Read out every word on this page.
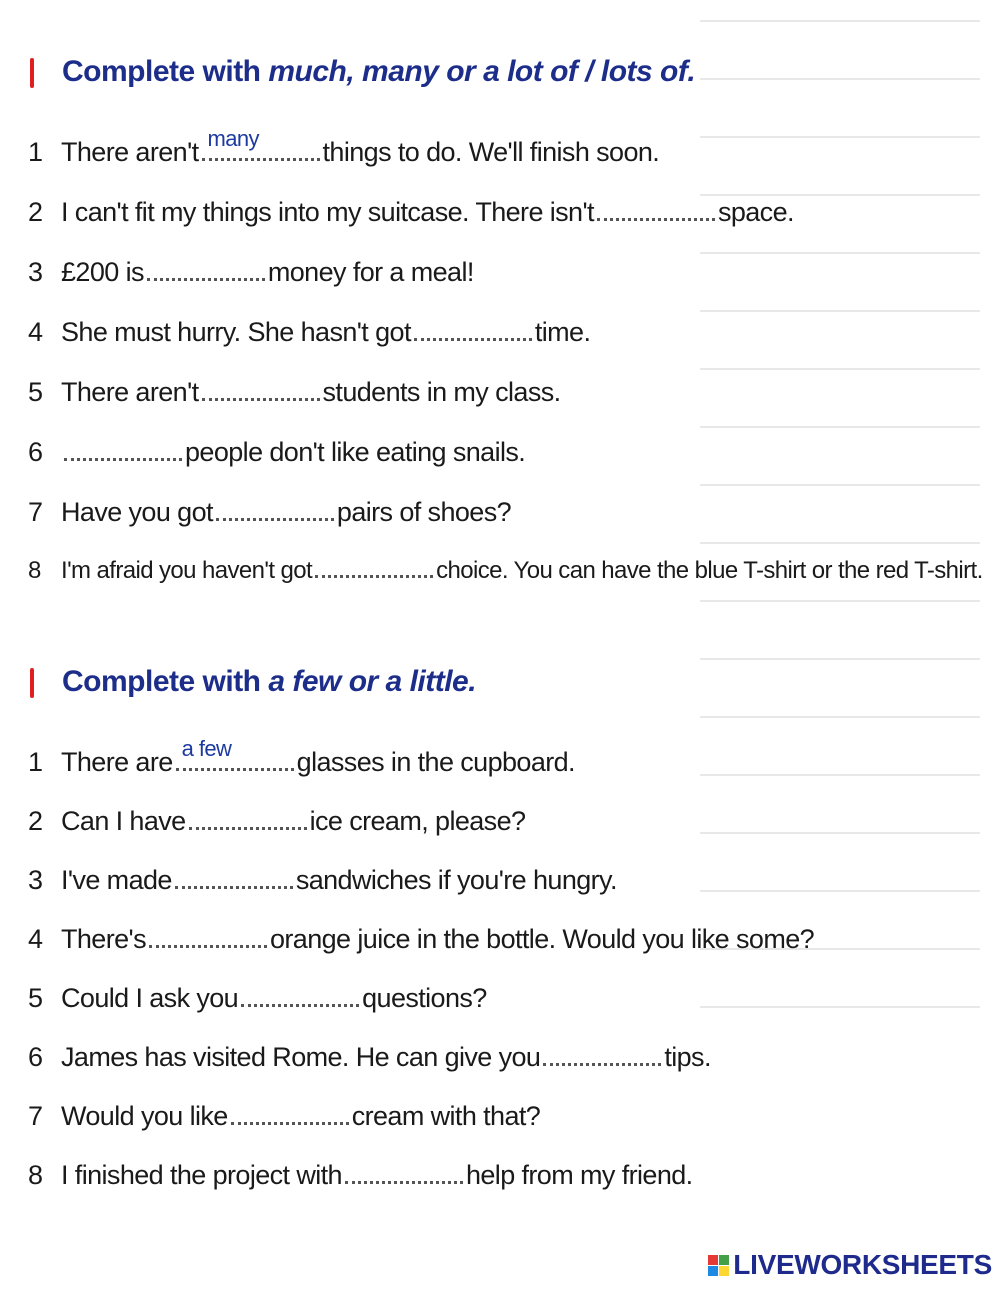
Complete with much, many or a lot of / lots of.
1 There aren't many things to do. We'll finish soon.
2 I can't fit my things into my suitcase. There isn't	space.
3 £200 is	money for a meal!
4 She must hurry. She hasn't got	time.
5 There aren't	students in my class.
6	people don't like eating snails.
7 Have you got	pairs of shoes?
8 I'm afraid you haven't got	choice. You can have the blue T-shirt or the red T-shirt.
Complete with a few or a little.
1 There are a few glasses in the cupboard.
2 Can I have	ice cream, please?
3 I've made	sandwiches if you're hungry.
4 There's	orange juice in the bottle. Would you like some?
5 Could I ask you	questions?
6 James has visited Rome. He can give you	tips.
7 Would you like	cream with that?
8 I finished the project with	help from my friend.
LIVEWORKSHEETS
